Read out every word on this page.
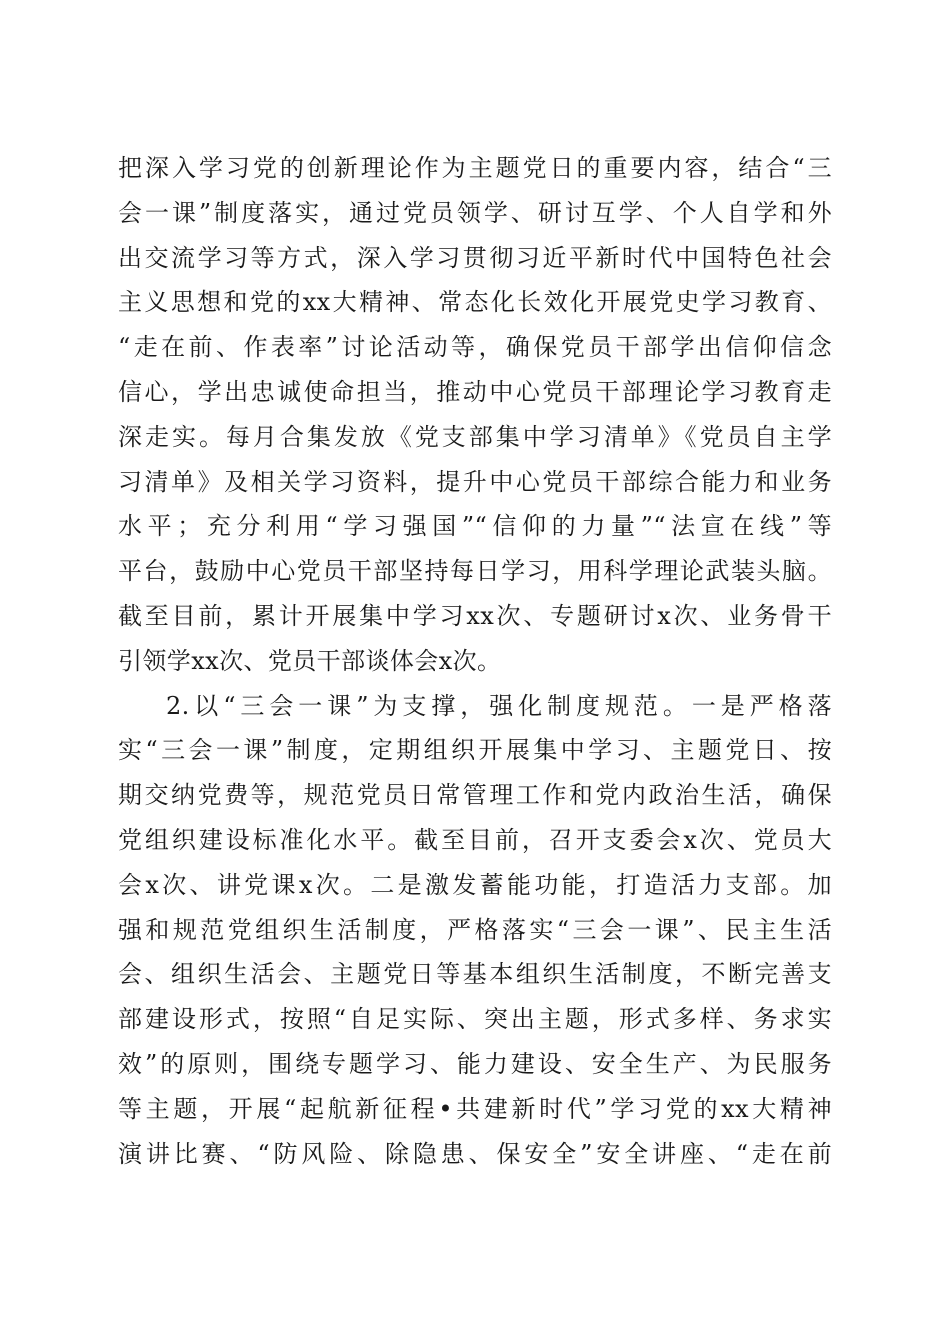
把深入学习党的创新理论作为主题党日的重要内容，结合“三
会一课”制度落实，通过党员领学、研讨互学、个人自学和外
出交流学习等方式，深入学习贯彻习近平新时代中国特色社会
主义思想和党的xx大精神、常态化长效化开展党史学习教育、
“走在前、作表率”讨论活动等，确保党员干部学出信仰信念
信心，学出忠诚使命担当，推动中心党员干部理论学习教育走
深走实。每月合集发放《党支部集中学习清单》《党员自主学
习清单》及相关学习资料，提升中心党员干部综合能力和业务
水平；充分利用“学习强国”“信仰的力量”“法宣在线”等
平台，鼓励中心党员干部坚持每日学习，用科学理论武装头脑。
截至目前，累计开展集中学习xx次、专题研讨x次、业务骨干
引领学xx次、党员干部谈体会x次。
2.以“三会一课”为支撑，强化制度规范。一是严格落
实“三会一课”制度，定期组织开展集中学习、主题党日、按
期交纳党费等，规范党员日常管理工作和党内政治生活，确保
党组织建设标准化水平。截至目前，召开支委会x次、党员大
会x次、讲党课x次。二是激发蓄能功能，打造活力支部。加
强和规范党组织生活制度，严格落实“三会一课”、民主生活
会、组织生活会、主题党日等基本组织生活制度，不断完善支
部建设形式，按照“自足实际、突出主题，形式多样、务求实
效”的原则，围绕专题学习、能力建设、安全生产、为民服务
等主题，开展“起航新征程•共建新时代”学习党的xx大精神
演讲比赛、“防风险、除隐患、保安全”安全讲座、“走在前
